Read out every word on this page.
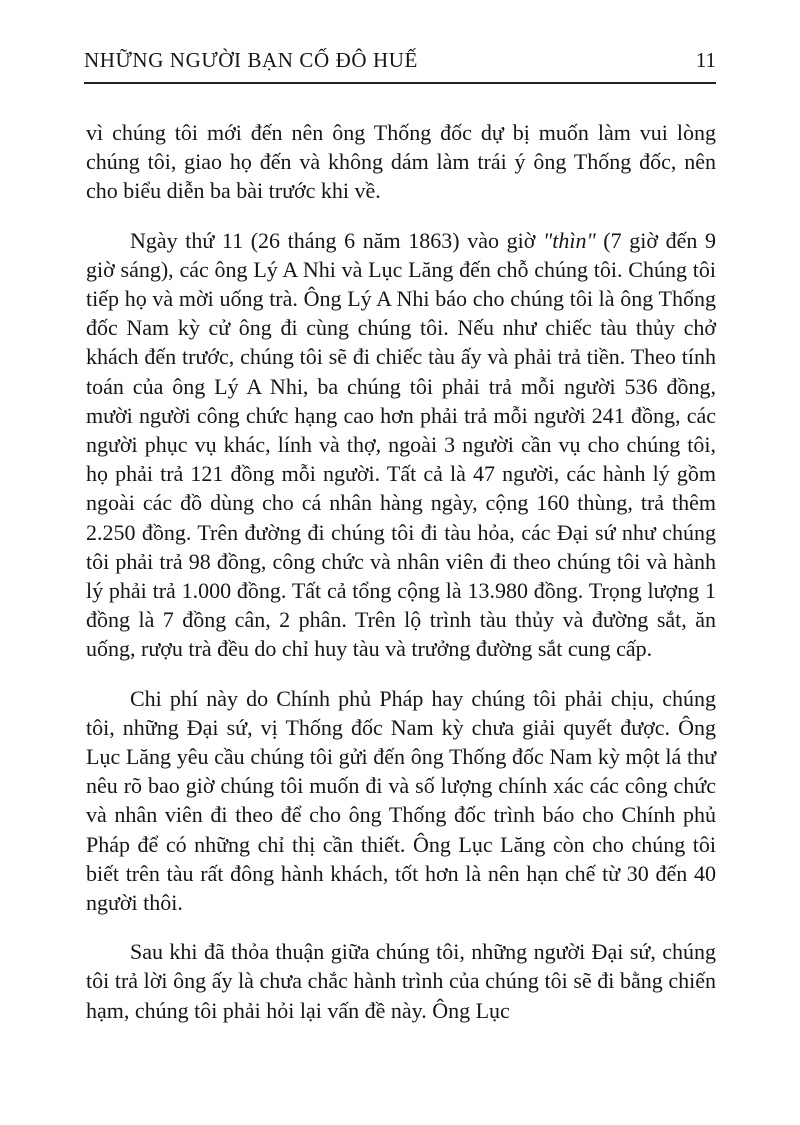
NHỮNG NGƯỜI BẠN CỐ ĐÔ HUẾ	11

vì chúng tôi mới đến nên ông Thống đốc dự bị muốn làm vui lòng chúng tôi, giao họ đến và không dám làm trái ý ông Thống đốc, nên cho biểu diễn ba bài trước khi về.

Ngày thứ 11 (26 tháng 6 năm 1863) vào giờ "thìn" (7 giờ đến 9 giờ sáng), các ông Lý A Nhi và Lục Lăng đến chỗ chúng tôi. Chúng tôi tiếp họ và mời uống trà. Ông Lý A Nhi báo cho chúng tôi là ông Thống đốc Nam kỳ cử ông đi cùng chúng tôi. Nếu như chiếc tàu thủy chở khách đến trước, chúng tôi sẽ đi chiếc tàu ấy và phải trả tiền. Theo tính toán của ông Lý A Nhi, ba chúng tôi phải trả mỗi người 536 đồng, mười người công chức hạng cao hơn phải trả mỗi người 241 đồng, các người phục vụ khác, lính và thợ, ngoài 3 người cần vụ cho chúng tôi, họ phải trả 121 đồng mỗi người. Tất cả là 47 người, các hành lý gồm ngoài các đồ dùng cho cá nhân hàng ngày, cộng 160 thùng, trả thêm 2.250 đồng. Trên đường đi chúng tôi đi tàu hỏa, các Đại sứ như chúng tôi phải trả 98 đồng, công chức và nhân viên đi theo chúng tôi và hành lý phải trả 1.000 đồng. Tất cả tổng cộng là 13.980 đồng. Trọng lượng 1 đồng là 7 đồng cân, 2 phân. Trên lộ trình tàu thủy và đường sắt, ăn uống, rượu trà đều do chỉ huy tàu và trưởng đường sắt cung cấp.

Chi phí này do Chính phủ Pháp hay chúng tôi phải chịu, chúng tôi, những Đại sứ, vị Thống đốc Nam kỳ chưa giải quyết được. Ông Lục Lăng yêu cầu chúng tôi gửi đến ông Thống đốc Nam kỳ một lá thư nêu rõ bao giờ chúng tôi muốn đi và số lượng chính xác các công chức và nhân viên đi theo để cho ông Thống đốc trình báo cho Chính phủ Pháp để có những chỉ thị cần thiết. Ông Lục Lăng còn cho chúng tôi biết trên tàu rất đông hành khách, tốt hơn là nên hạn chế từ 30 đến 40 người thôi.

Sau khi đã thỏa thuận giữa chúng tôi, những người Đại sứ, chúng tôi trả lời ông ấy là chưa chắc hành trình của chúng tôi sẽ đi bằng chiến hạm, chúng tôi phải hỏi lại vấn đề này. Ông Lục
